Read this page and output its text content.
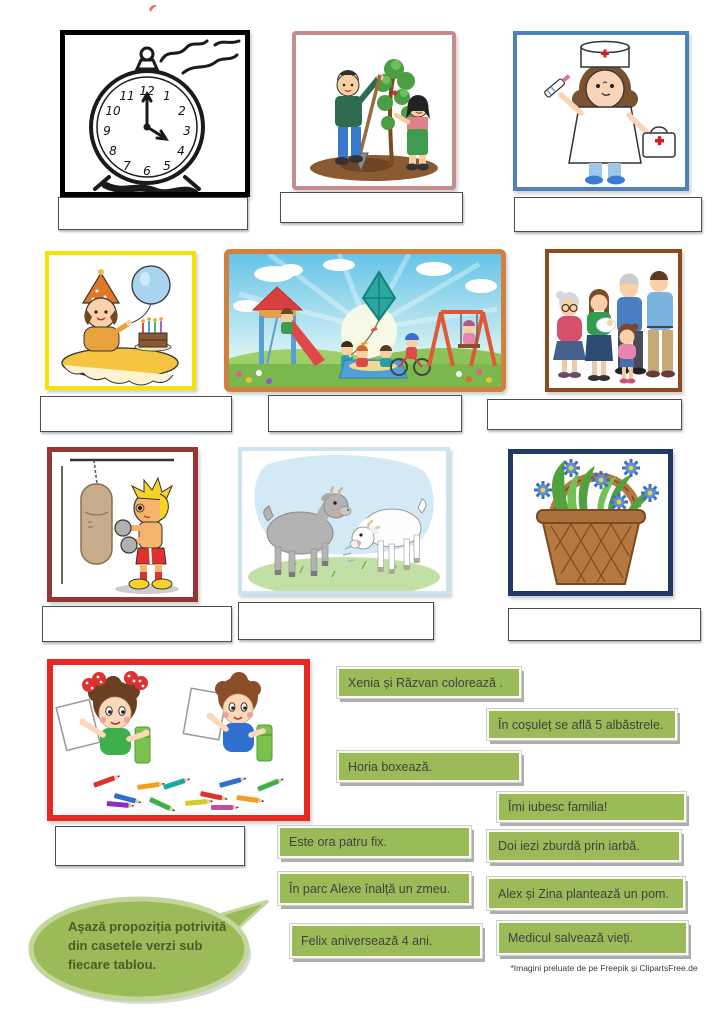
12 1
2
3
4
5
6
7
8
9
10
11
Xenia și Răzvan colorează .
În coșuleț se află 5 albăstrele.
Horia boxează.
Îmi iubesc familia!
Este ora patru fix.	Doi iezi zburdă prin iarbă.
În parc Alexe înalță un zmeu.	Alex și Zina plantează un pom.
Felix aniversează 4 ani.	Medicul salvează vieți.
Așază propoziția potrivită din casetele verzi sub fiecare tablou.	*Imagini preluate de pe Freepik și ClipartsFree.de
